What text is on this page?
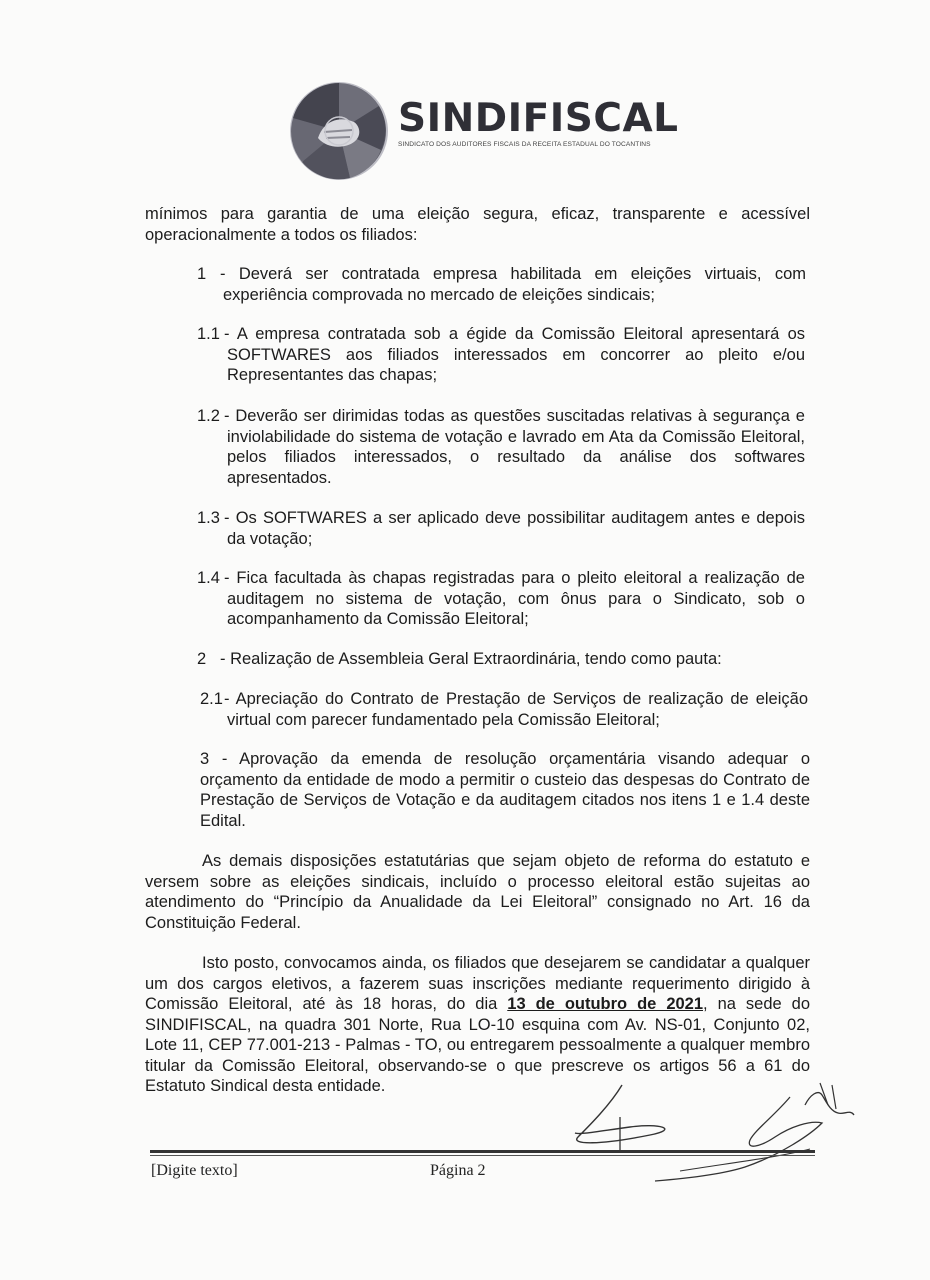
SINDIFISCAL
SINDICATO DOS AUDITORES FISCAIS DA RECEITA ESTADUAL DO TOCANTINS
mínimos para garantia de uma eleição segura, eficaz, transparente e acessível operacionalmente a todos os filiados:
1 - Deverá ser contratada empresa habilitada em eleições virtuais, com experiência comprovada no mercado de eleições sindicais;
1.1 - A empresa contratada sob a égide da Comissão Eleitoral apresentará os SOFTWARES aos filiados interessados em concorrer ao pleito e/ou Representantes das chapas;
1.2 - Deverão ser dirimidas todas as questões suscitadas relativas à segurança e inviolabilidade do sistema de votação e lavrado em Ata da Comissão Eleitoral, pelos filiados interessados, o resultado da análise dos softwares apresentados.
1.3 - Os SOFTWARES a ser aplicado deve possibilitar auditagem antes e depois da votação;
1.4 - Fica facultada às chapas registradas para o pleito eleitoral a realização de auditagem no sistema de votação, com ônus para o Sindicato, sob o acompanhamento da Comissão Eleitoral;
2 - Realização de Assembleia Geral Extraordinária, tendo como pauta:
2.1 - Apreciação do Contrato de Prestação de Serviços de realização de eleição virtual com parecer fundamentado pela Comissão Eleitoral;
3 - Aprovação da emenda de resolução orçamentária visando adequar o orçamento da entidade de modo a permitir o custeio das despesas do Contrato de Prestação de Serviços de Votação e da auditagem citados nos itens 1 e 1.4 deste Edital.
As demais disposições estatutárias que sejam objeto de reforma do estatuto e versem sobre as eleições sindicais, incluído o processo eleitoral estão sujeitas ao atendimento do “Princípio da Anualidade da Lei Eleitoral” consignado no Art. 16 da Constituição Federal.
Isto posto, convocamos ainda, os filiados que desejarem se candidatar a qualquer um dos cargos eletivos, a fazerem suas inscrições mediante requerimento dirigido à Comissão Eleitoral, até às 18 horas, do dia 13 de outubro de 2021, na sede do SINDIFISCAL, na quadra 301 Norte, Rua LO-10 esquina com Av. NS-01, Conjunto 02, Lote 11, CEP 77.001-213 - Palmas - TO, ou entregarem pessoalmente a qualquer membro titular da Comissão Eleitoral, observando-se o que prescreve os artigos 56 a 61 do Estatuto Sindical desta entidade.
[Digite texto]	Página 2
